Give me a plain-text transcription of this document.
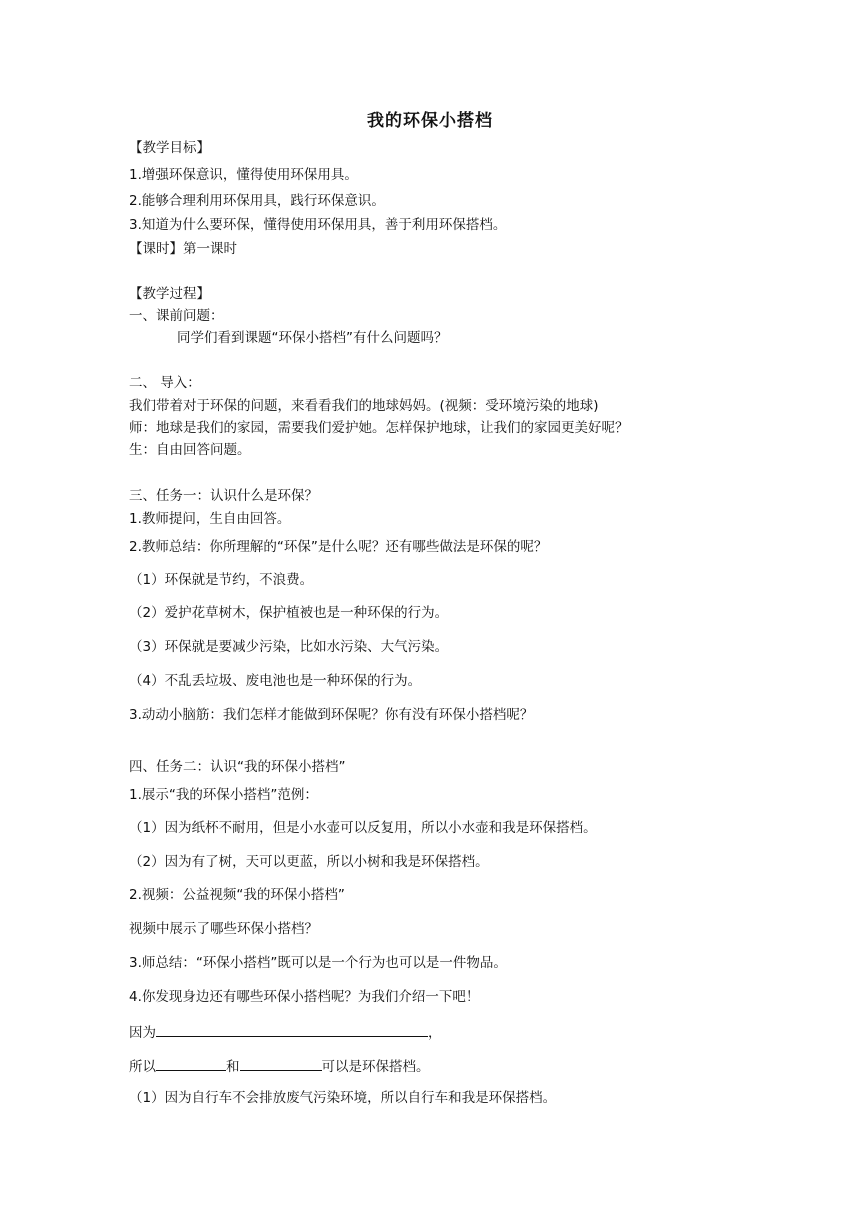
我的环保小搭档
【教学目标】
1.增强环保意识，懂得使用环保用具。
2.能够合理利用环保用具，践行环保意识。
3.知道为什么要环保，懂得使用环保用具，善于利用环保搭档。
【课时】第一课时
【教学过程】
一、课前问题：
同学们看到课题“环保小搭档”有什么问题吗？
二、 导入：
我们带着对于环保的问题，来看看我们的地球妈妈。(视频：受环境污染的地球)
师：地球是我们的家园，需要我们爱护她。怎样保护地球，让我们的家园更美好呢？
生：自由回答问题。
三、任务一：认识什么是环保？
1.教师提问，生自由回答。
2.教师总结：你所理解的“环保”是什么呢？还有哪些做法是环保的呢？
（1）环保就是节约，不浪费。
（2）爱护花草树木，保护植被也是一种环保的行为。
（3）环保就是要减少污染，比如水污染、大气污染。
（4）不乱丢垃圾、废电池也是一种环保的行为。
3.动动小脑筋：我们怎样才能做到环保呢？你有没有环保小搭档呢？
四、任务二：认识“我的环保小搭档”
1.展示“我的环保小搭档”范例：
（1）因为纸杯不耐用，但是小水壶可以反复用，所以小水壶和我是环保搭档。
（2）因为有了树，天可以更蓝，所以小树和我是环保搭档。
2.视频：公益视频“我的环保小搭档”
视频中展示了哪些环保小搭档？
3.师总结：“环保小搭档”既可以是一个行为也可以是一件物品。
4.你发现身边还有哪些环保小搭档呢？为我们介绍一下吧！
因为	，
所以	和	可以是环保搭档。
（1）因为自行车不会排放废气污染环境，所以自行车和我是环保搭档。
